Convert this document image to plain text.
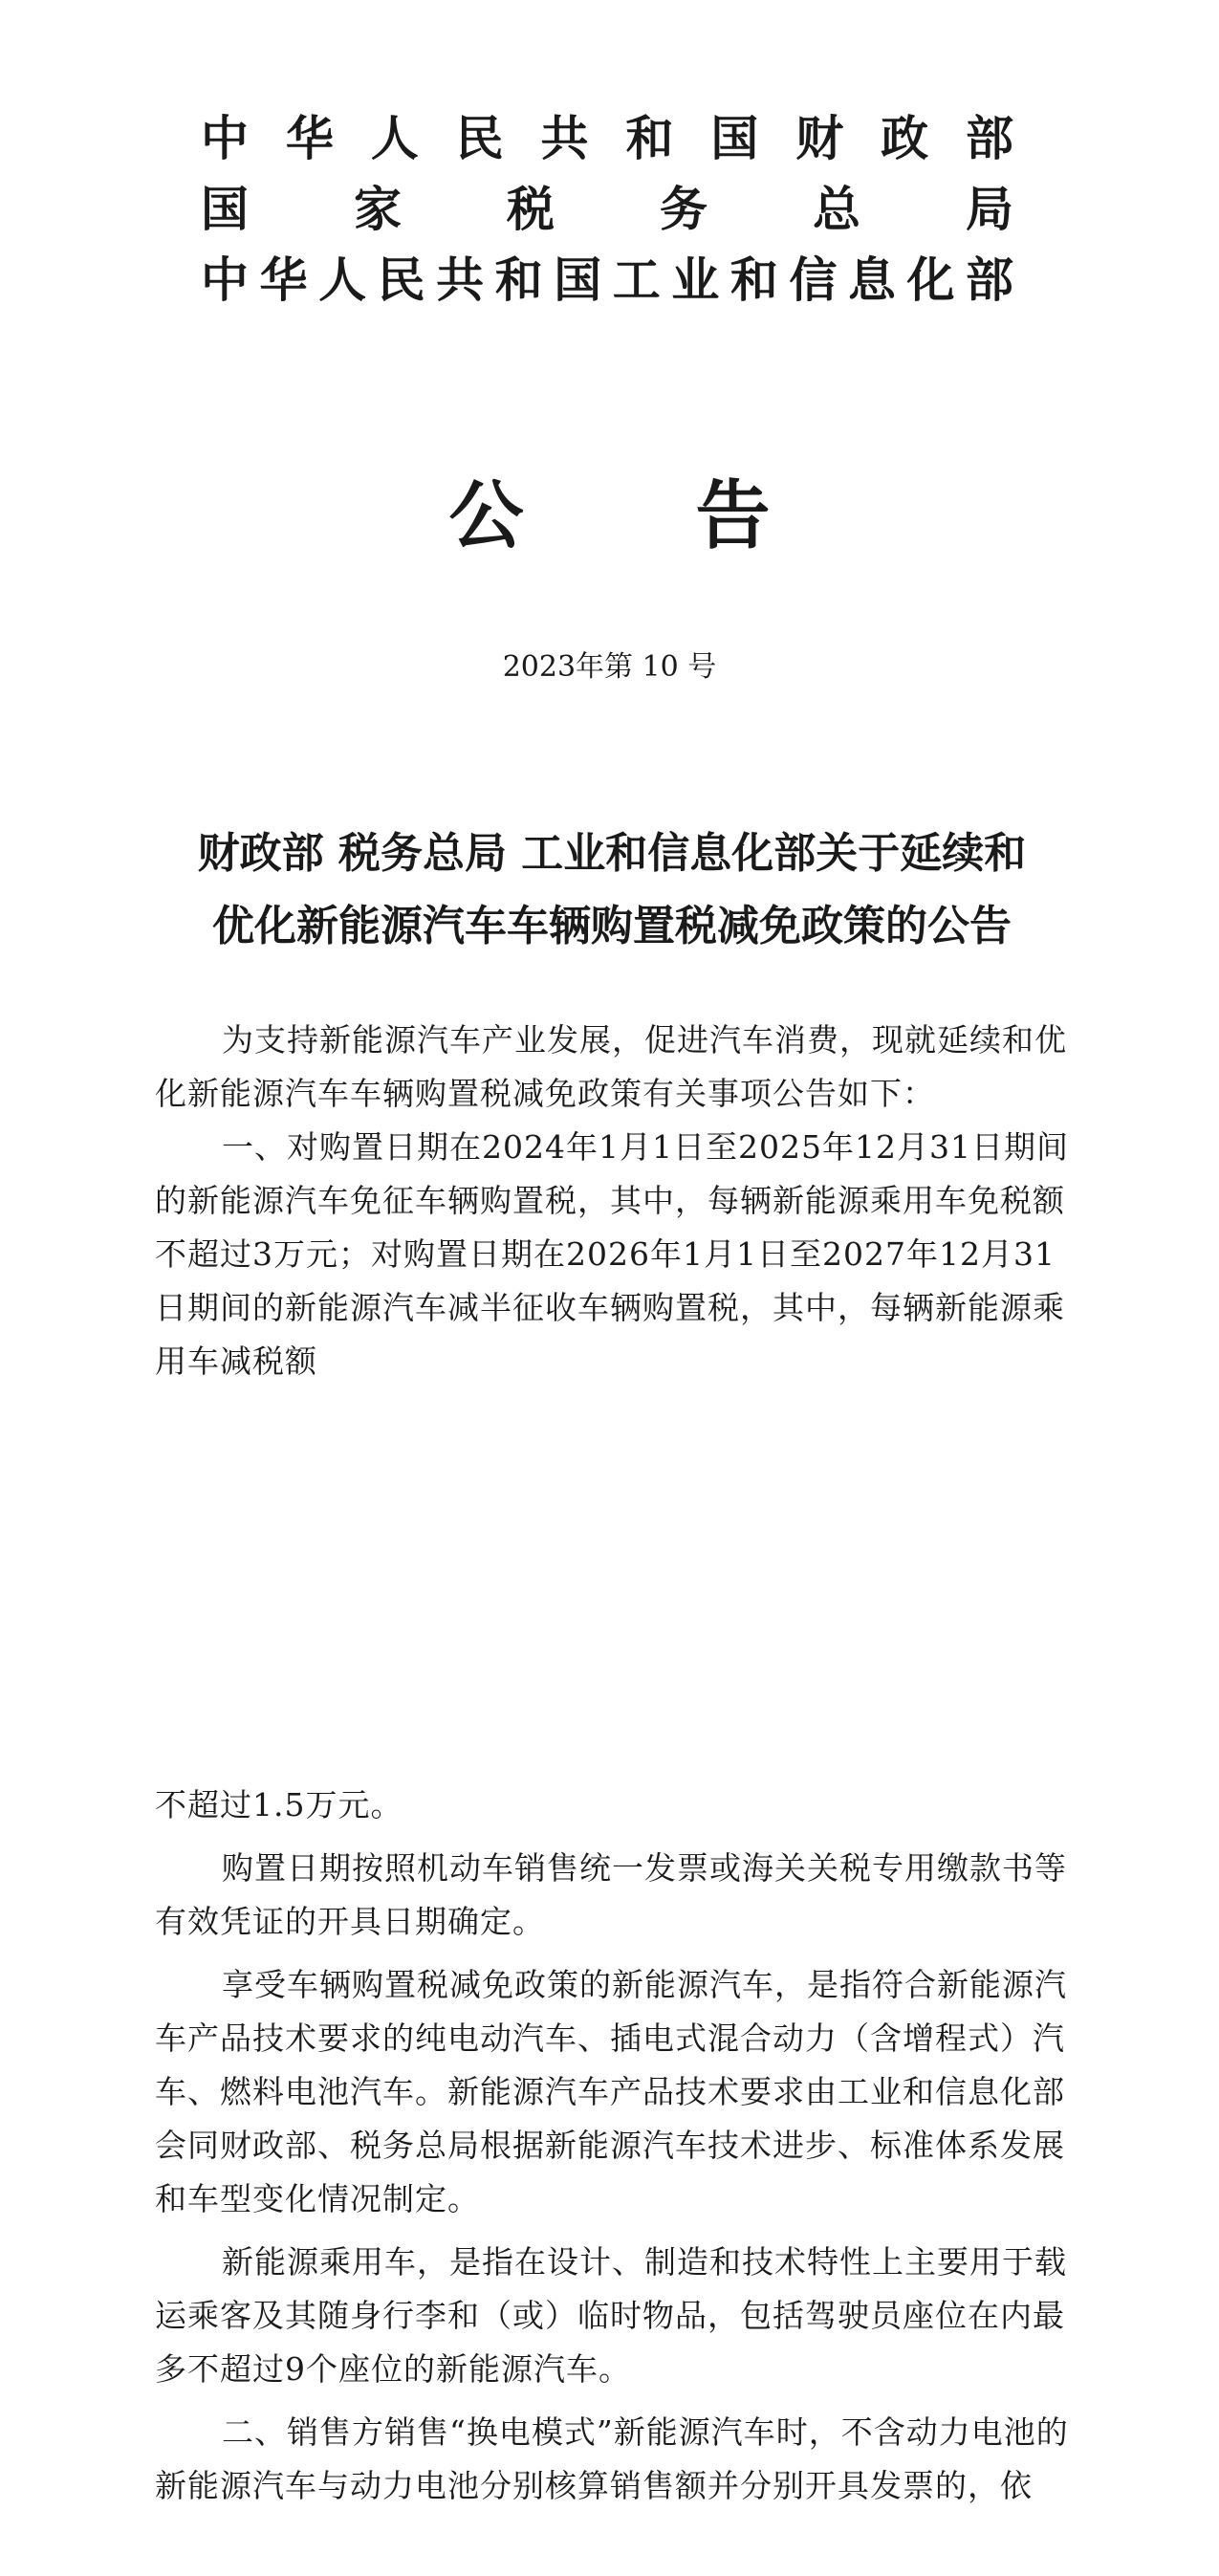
中华人民共和国财政部
国家税务总局
中华人民共和国工业和信息化部
公告
2023年第 10 号
财政部 税务总局 工业和信息化部关于延续和
优化新能源汽车车辆购置税减免政策的公告

为支持新能源汽车产业发展，促进汽车消费，现就延续和优化新能源汽车车辆购置税减免政策有关事项公告如下：

一、对购置日期在2024年1月1日至2025年12月31日期间的新能源汽车免征车辆购置税，其中，每辆新能源乘用车免税额不超过3万元；对购置日期在2026年1月1日至2027年12月31日期间的新能源汽车减半征收车辆购置税，其中，每辆新能源乘用车减税额

不超过1.5万元。

购置日期按照机动车销售统一发票或海关关税专用缴款书等有效凭证的开具日期确定。

享受车辆购置税减免政策的新能源汽车，是指符合新能源汽车产品技术要求的纯电动汽车、插电式混合动力（含增程式）汽车、燃料电池汽车。新能源汽车产品技术要求由工业和信息化部会同财政部、税务总局根据新能源汽车技术进步、标准体系发展和车型变化情况制定。

新能源乘用车，是指在设计、制造和技术特性上主要用于载运乘客及其随身行李和（或）临时物品，包括驾驶员座位在内最多不超过9个座位的新能源汽车。

二、销售方销售“换电模式”新能源汽车时，不含动力电池的新能源汽车与动力电池分别核算销售额并分别开具发票的，依
